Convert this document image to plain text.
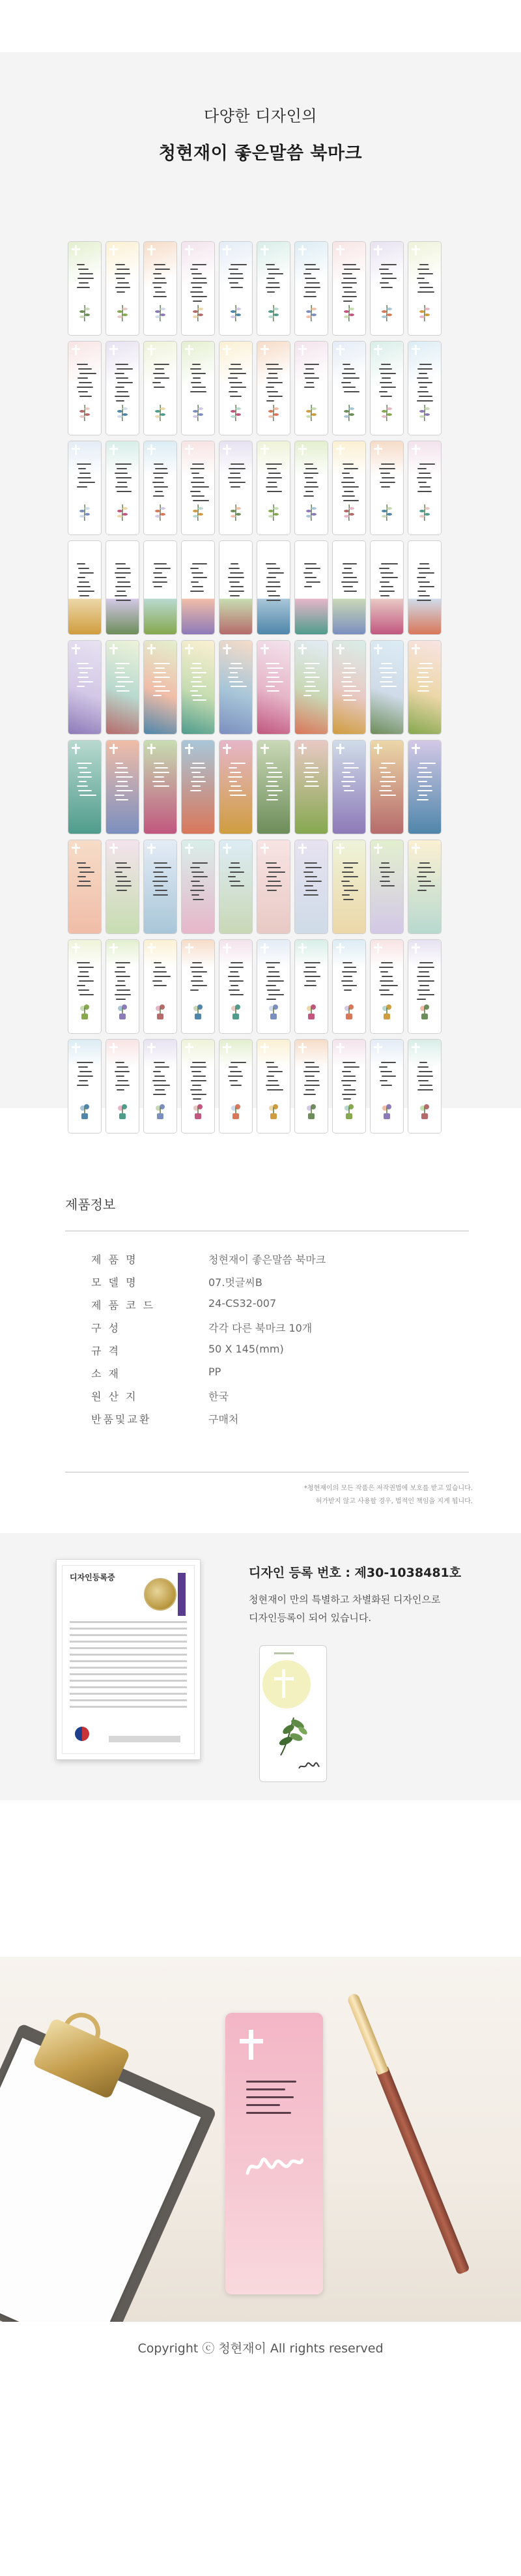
다양한 디자인의
청현재이 좋은말씀 북마크
제품정보
제 품 명	청현재이 좋은말씀 북마크
모 델 명	07.멋글씨B
제 품 코 드	24-CS32-007
구 성	각각 다른 북마크 10개
규 격	50 X 145(mm)
소 재	PP
원 산 지	한국
반품및교환	구매처
*청현재이의 모든 작품은 저작권법에 보호를 받고 있습니다.
허가받지 않고 사용할 경우, 법적인 책임을 지게 됩니다.
디자인등록증	디자인 등록 번호 : 제30-1038481호
청현재이 만의 특별하고 차별화된 디자인으로
디자인등록이 되어 있습니다.
Copyright ⓒ 청현재이 All rights reserved
